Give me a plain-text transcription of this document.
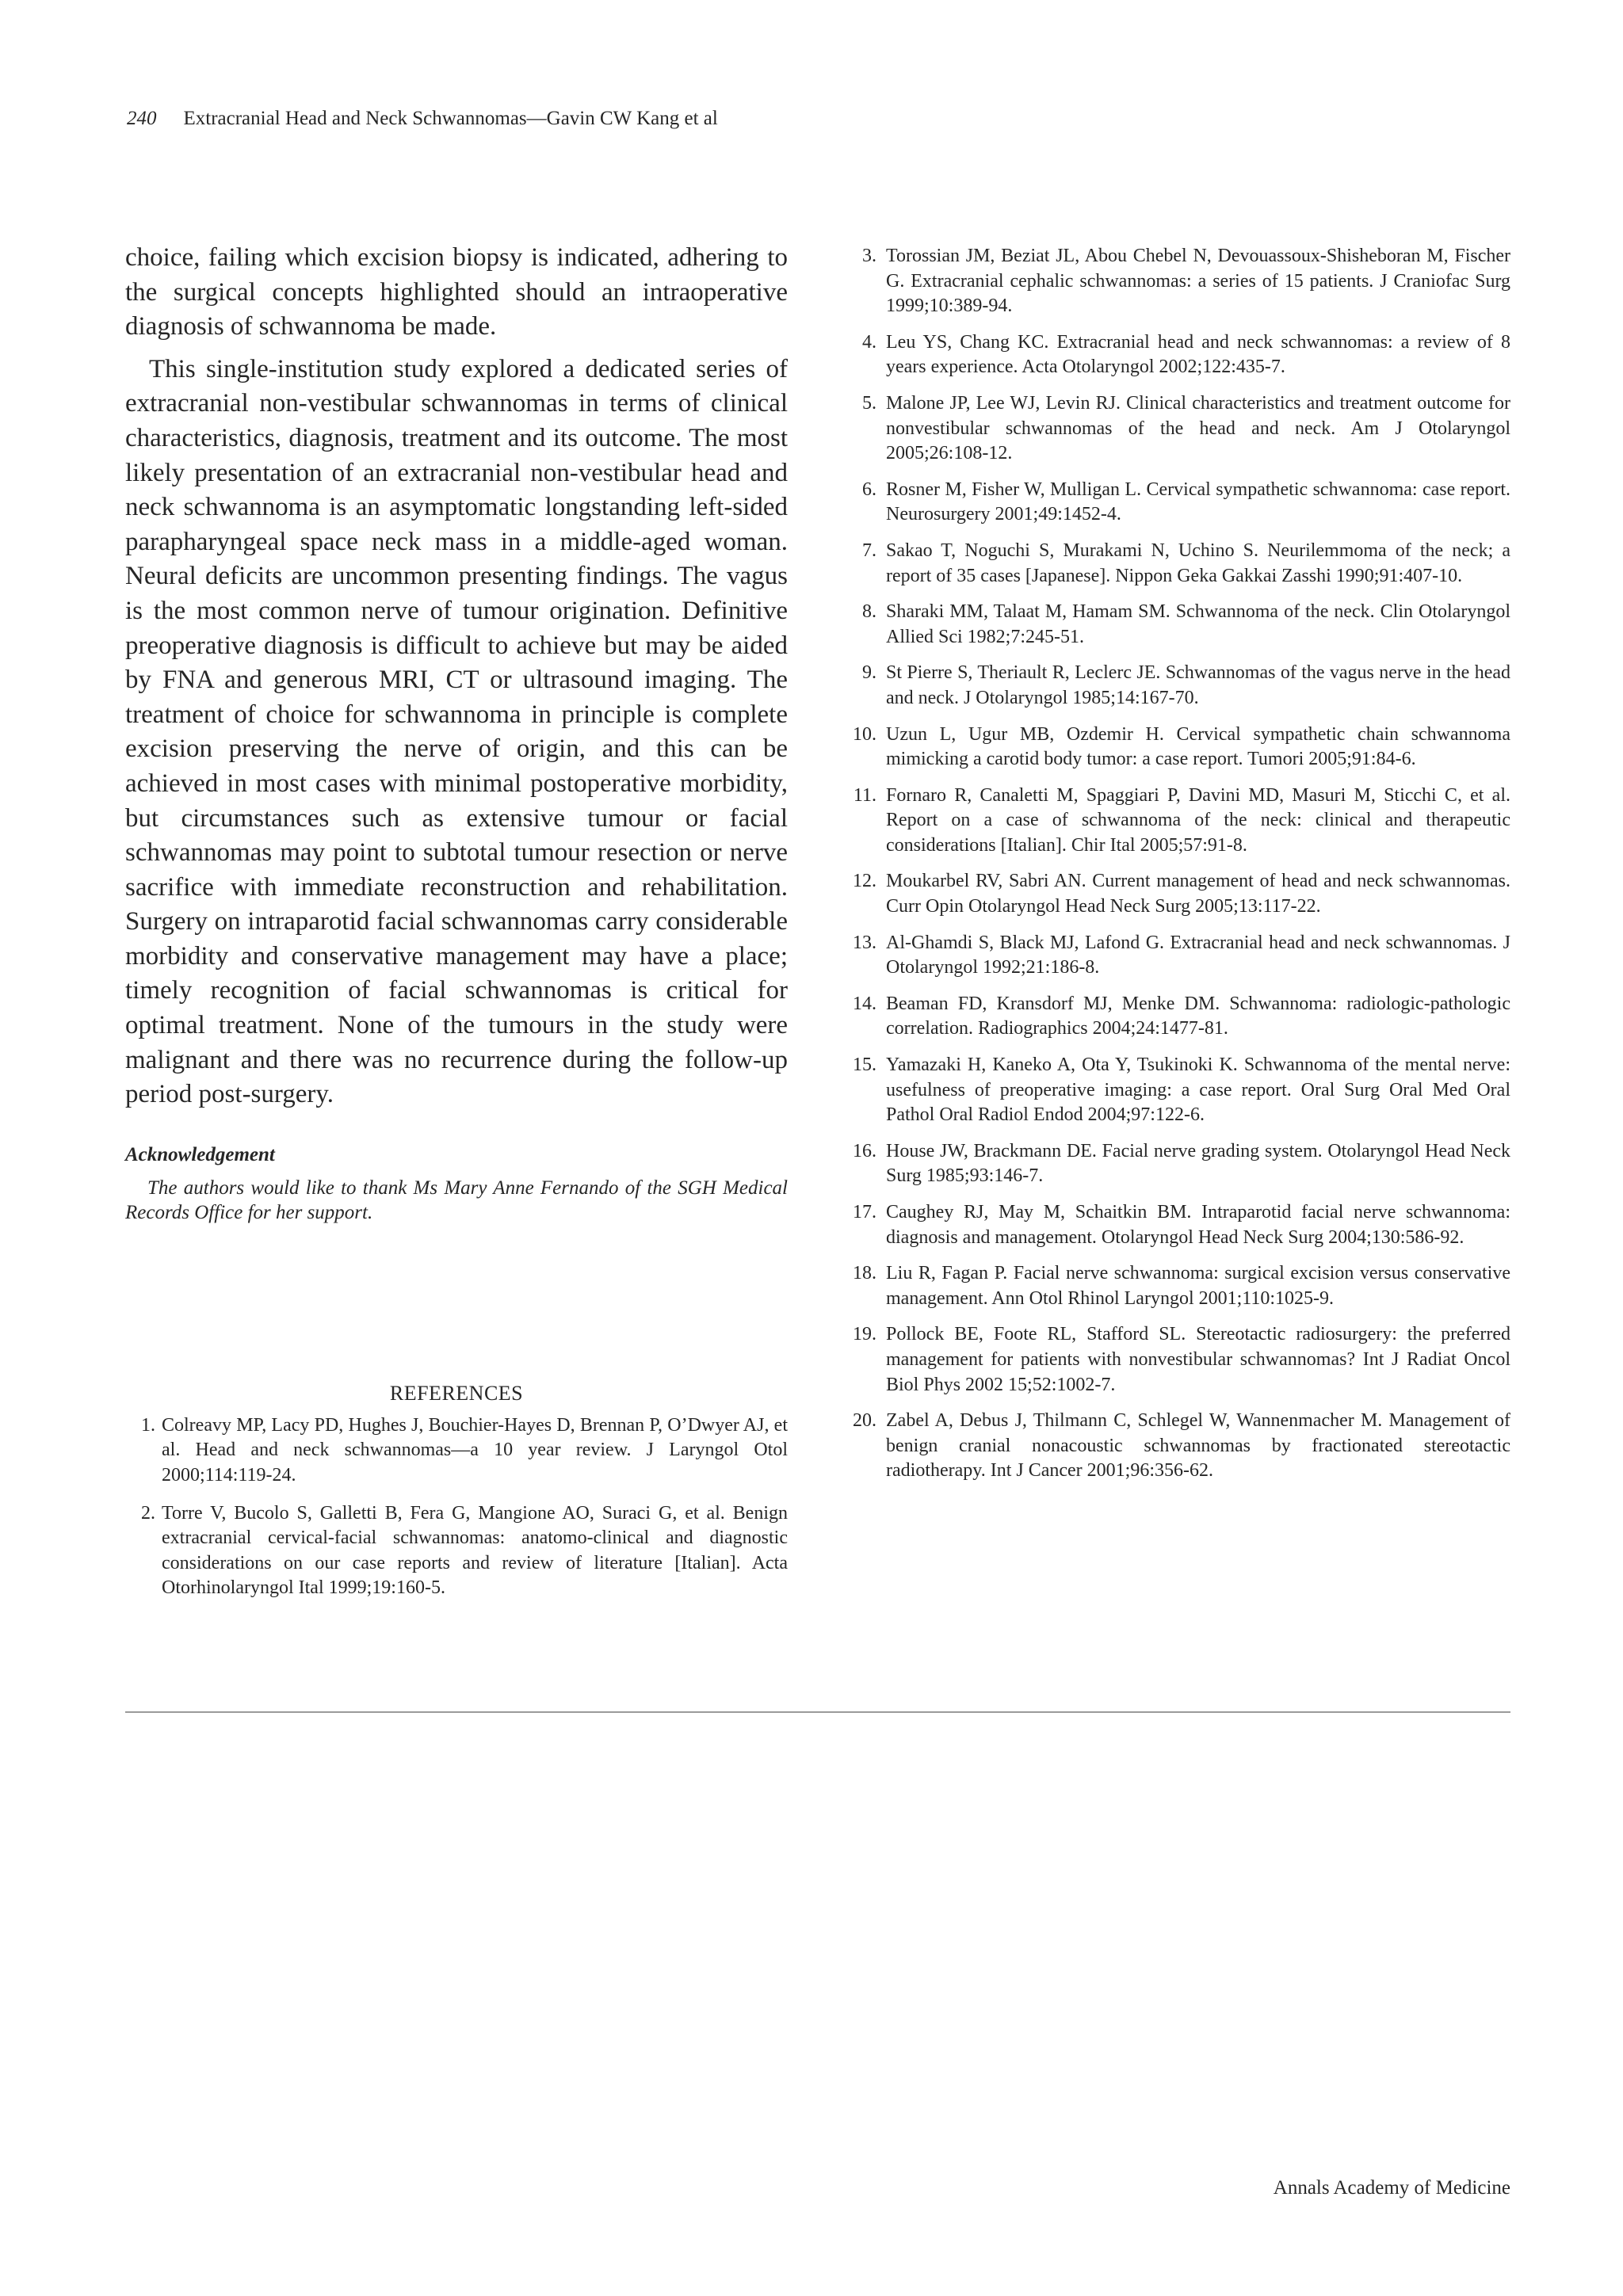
240 Extracranial Head and Neck Schwannomas—Gavin CW Kang et al

choice, failing which excision biopsy is indicated, adhering to the surgical concepts highlighted should an intraoperative diagnosis of schwannoma be made.

This single-institution study explored a dedicated series of extracranial non-vestibular schwannomas in terms of clinical characteristics, diagnosis, treatment and its outcome. The most likely presentation of an extracranial non-vestibular head and neck schwannoma is an asymptomatic longstanding left-sided parapharyngeal space neck mass in a middle-aged woman. Neural deficits are uncommon presenting findings. The vagus is the most common nerve of tumour origination. Definitive preoperative diagnosis is difficult to achieve but may be aided by FNA and generous MRI, CT or ultrasound imaging. The treatment of choice for schwannoma in principle is complete excision preserving the nerve of origin, and this can be achieved in most cases with minimal postoperative morbidity, but circumstances such as extensive tumour or facial schwannomas may point to subtotal tumour resection or nerve sacrifice with immediate reconstruction and rehabilitation. Surgery on intraparotid facial schwannomas carry considerable morbidity and conservative management may have a place; timely recognition of facial schwannomas is critical for optimal treatment. None of the tumours in the study were malignant and there was no recurrence during the follow-up period post-surgery.

Acknowledgement

The authors would like to thank Ms Mary Anne Fernando of the SGH Medical Records Office for her support.

REFERENCES
1. Colreavy MP, Lacy PD, Hughes J, Bouchier-Hayes D, Brennan P, O’Dwyer AJ, et al. Head and neck schwannomas—a 10 year review. J Laryngol Otol 2000;114:119-24.
2. Torre V, Bucolo S, Galletti B, Fera G, Mangione AO, Suraci G, et al. Benign extracranial cervical-facial schwannomas: anatomo-clinical and diagnostic considerations on our case reports and review of literature [Italian]. Acta Otorhinolaryngol Ital 1999;19:160-5.
3. Torossian JM, Beziat JL, Abou Chebel N, Devouassoux-Shisheboran M, Fischer G. Extracranial cephalic schwannomas: a series of 15 patients. J Craniofac Surg 1999;10:389-94.
4. Leu YS, Chang KC. Extracranial head and neck schwannomas: a review of 8 years experience. Acta Otolaryngol 2002;122:435-7.
5. Malone JP, Lee WJ, Levin RJ. Clinical characteristics and treatment outcome for nonvestibular schwannomas of the head and neck. Am J Otolaryngol 2005;26:108-12.
6. Rosner M, Fisher W, Mulligan L. Cervical sympathetic schwannoma: case report. Neurosurgery 2001;49:1452-4.
7. Sakao T, Noguchi S, Murakami N, Uchino S. Neurilemmoma of the neck; a report of 35 cases [Japanese]. Nippon Geka Gakkai Zasshi 1990;91:407-10.
8. Sharaki MM, Talaat M, Hamam SM. Schwannoma of the neck. Clin Otolaryngol Allied Sci 1982;7:245-51.
9. St Pierre S, Theriault R, Leclerc JE. Schwannomas of the vagus nerve in the head and neck. J Otolaryngol 1985;14:167-70.
10. Uzun L, Ugur MB, Ozdemir H. Cervical sympathetic chain schwannoma mimicking a carotid body tumor: a case report. Tumori 2005;91:84-6.
11. Fornaro R, Canaletti M, Spaggiari P, Davini MD, Masuri M, Sticchi C, et al. Report on a case of schwannoma of the neck: clinical and therapeutic considerations [Italian]. Chir Ital 2005;57:91-8.
12. Moukarbel RV, Sabri AN. Current management of head and neck schwannomas. Curr Opin Otolaryngol Head Neck Surg 2005;13:117-22.
13. Al-Ghamdi S, Black MJ, Lafond G. Extracranial head and neck schwannomas. J Otolaryngol 1992;21:186-8.
14. Beaman FD, Kransdorf MJ, Menke DM. Schwannoma: radiologic-pathologic correlation. Radiographics 2004;24:1477-81.
15. Yamazaki H, Kaneko A, Ota Y, Tsukinoki K. Schwannoma of the mental nerve: usefulness of preoperative imaging: a case report. Oral Surg Oral Med Oral Pathol Oral Radiol Endod 2004;97:122-6.
16. House JW, Brackmann DE. Facial nerve grading system. Otolaryngol Head Neck Surg 1985;93:146-7.
17. Caughey RJ, May M, Schaitkin BM. Intraparotid facial nerve schwannoma: diagnosis and management. Otolaryngol Head Neck Surg 2004;130:586-92.
18. Liu R, Fagan P. Facial nerve schwannoma: surgical excision versus conservative management. Ann Otol Rhinol Laryngol 2001;110:1025-9.
19. Pollock BE, Foote RL, Stafford SL. Stereotactic radiosurgery: the preferred management for patients with nonvestibular schwannomas? Int J Radiat Oncol Biol Phys 2002 15;52:1002-7.
20. Zabel A, Debus J, Thilmann C, Schlegel W, Wannenmacher M. Management of benign cranial nonacoustic schwannomas by fractionated stereotactic radiotherapy. Int J Cancer 2001;96:356-62.
Annals Academy of Medicine
